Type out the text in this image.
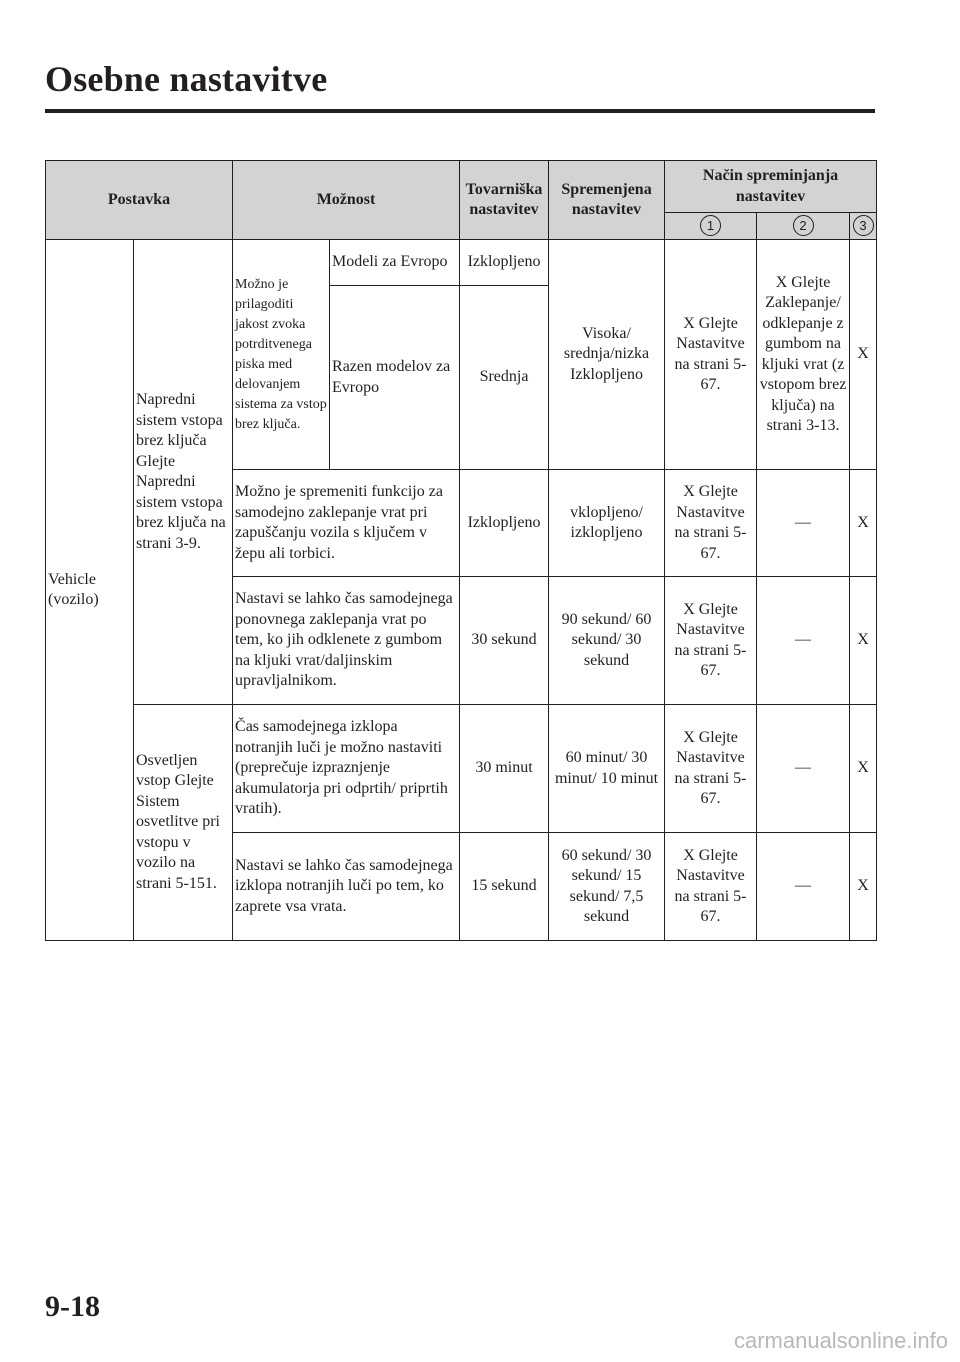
Osebne nastavitve
Postavka		Možnost		Tovarniška nastavitev	Spremenjena nastavitev	Način spreminjanja nastavitev		
						1	2	3
Vehicle (vozilo)	Napredni sistem vstopa brez ključa Glejte Napredni sistem vstopa brez ključa na strani 3-9.	Možno je prilagoditi jakost zvoka potrditvenega piska med delovanjem sistema za vstop brez ključa.	Modeli za Evropo	Izklopljeno	Visoka/ srednja/nizka Izklopljeno	X Glejte Nastavitve na strani 5-67.	X Glejte Zaklepanje/ odklepanje z gumbom na kljuki vrat (z vstopom brez ključa) na strani 3-13.	X
			Razen modelov za Evropo	Srednja				
		Možno je spremeniti funkcijo za samodejno zaklepanje vrat pri zapuščanju vozila s ključem v žepu ali torbici.		Izklopljeno	vklopljeno/ izklopljeno	X Glejte Nastavitve na strani 5-67.	—	X
		Nastavi se lahko čas samodejnega ponovnega zaklepanja vrat po tem, ko jih odklenete z gumbom na kljuki vrat/daljinskim upravljalnikom.		30 sekund	90 sekund/ 60 sekund/ 30 sekund	X Glejte Nastavitve na strani 5-67.	—	X
	Osvetljen vstop Glejte Sistem osvetlitve pri vstopu v vozilo na strani 5-151.	Čas samodejnega izklopa notranjih luči je možno nastaviti (preprečuje izpraznjenje akumulatorja pri odprtih/ priprtih vratih).		30 minut	60 minut/ 30 minut/ 10 minut	X Glejte Nastavitve na strani 5-67.	—	X
		Nastavi se lahko čas samodejnega izklopa notranjih luči po tem, ko zaprete vsa vrata.		15 sekund	60 sekund/ 30 sekund/ 15 sekund/ 7,5 sekund	X Glejte Nastavitve na strani 5-67.	—	X
9-18
carmanualsonline.info
